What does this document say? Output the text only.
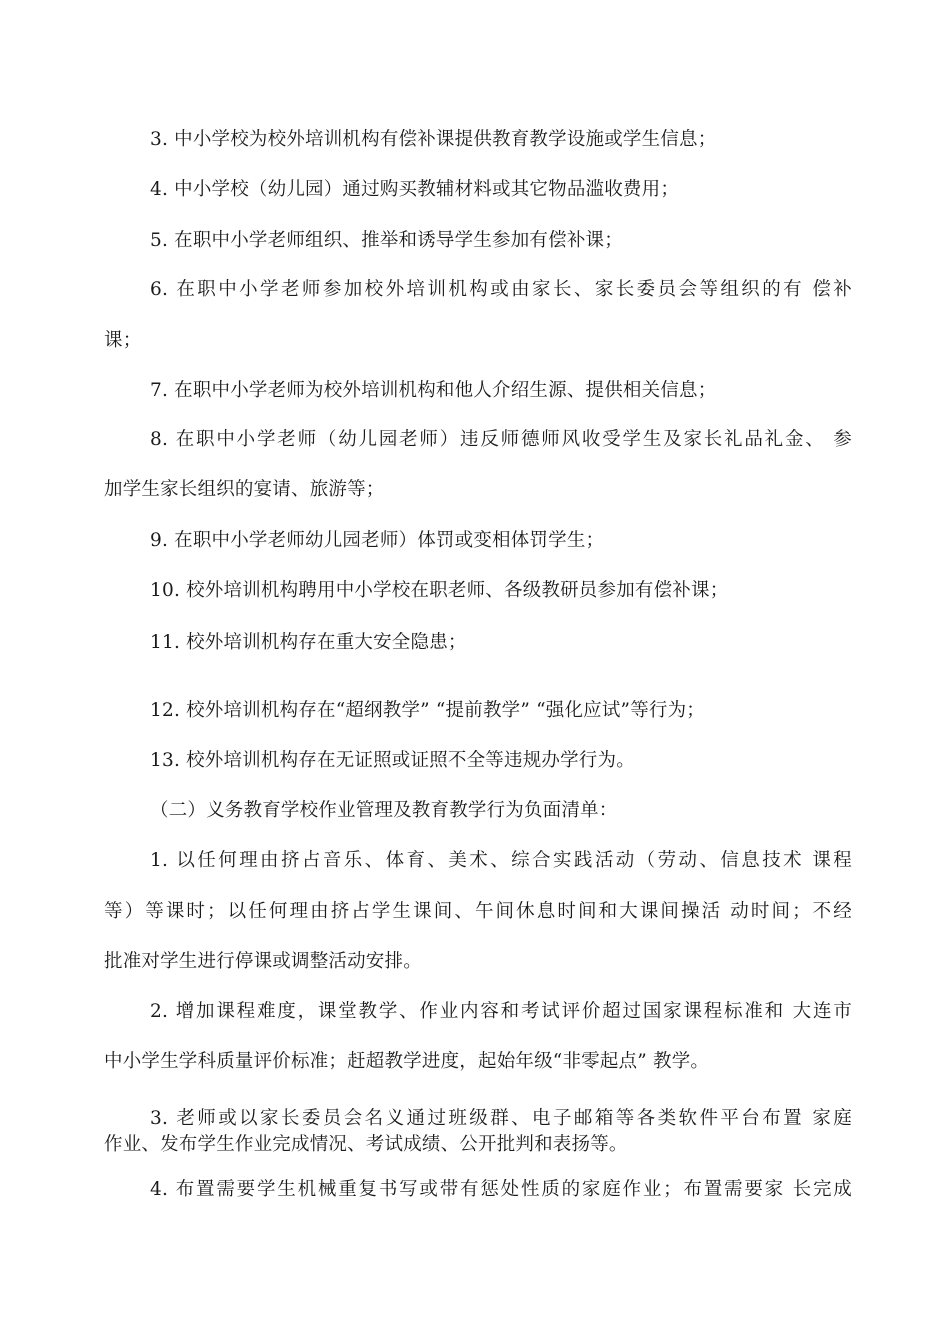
3. 中小学校为校外培训机构有偿补课提供教育教学设施或学生信息；
4. 中小学校（幼儿园）通过购买教辅材料或其它物品滥收费用；
5. 在职中小学老师组织、推举和诱导学生参加有偿补课；
6. 在职中小学老师参加校外培训机构或由家长、家长委员会等组织的有 偿补
课；
7. 在职中小学老师为校外培训机构和他人介绍生源、提供相关信息；
8. 在职中小学老师（幼儿园老师）违反师德师风收受学生及家长礼品礼金、 参
加学生家长组织的宴请、旅游等；
9. 在职中小学老师幼儿园老师）体罚或变相体罚学生；
10. 校外培训机构聘用中小学校在职老师、各级教研员参加有偿补课；
11. 校外培训机构存在重大安全隐患；
12. 校外培训机构存在“超纲教学” “提前教学” “强化应试”等行为；
13. 校外培训机构存在无证照或证照不全等违规办学行为。
（二）义务教育学校作业管理及教育教学行为负面清单：
1. 以任何理由挤占音乐、体育、美术、综合实践活动（劳动、信息技术 课程
等）等课时；以任何理由挤占学生课间、午间休息时间和大课间操活 动时间；不经
批准对学生进行停课或调整活动安排。
2. 增加课程难度，课堂教学、作业内容和考试评价超过国家课程标准和 大连市
中小学生学科质量评价标准；赶超教学进度，起始年级“非零起点” 教学。
3. 老师或以家长委员会名义通过班级群、电子邮箱等各类软件平台布置 家庭
作业、发布学生作业完成情况、考试成绩、公开批判和表扬等。
4. 布置需要学生机械重复书写或带有惩处性质的家庭作业；布置需要家 长完成
